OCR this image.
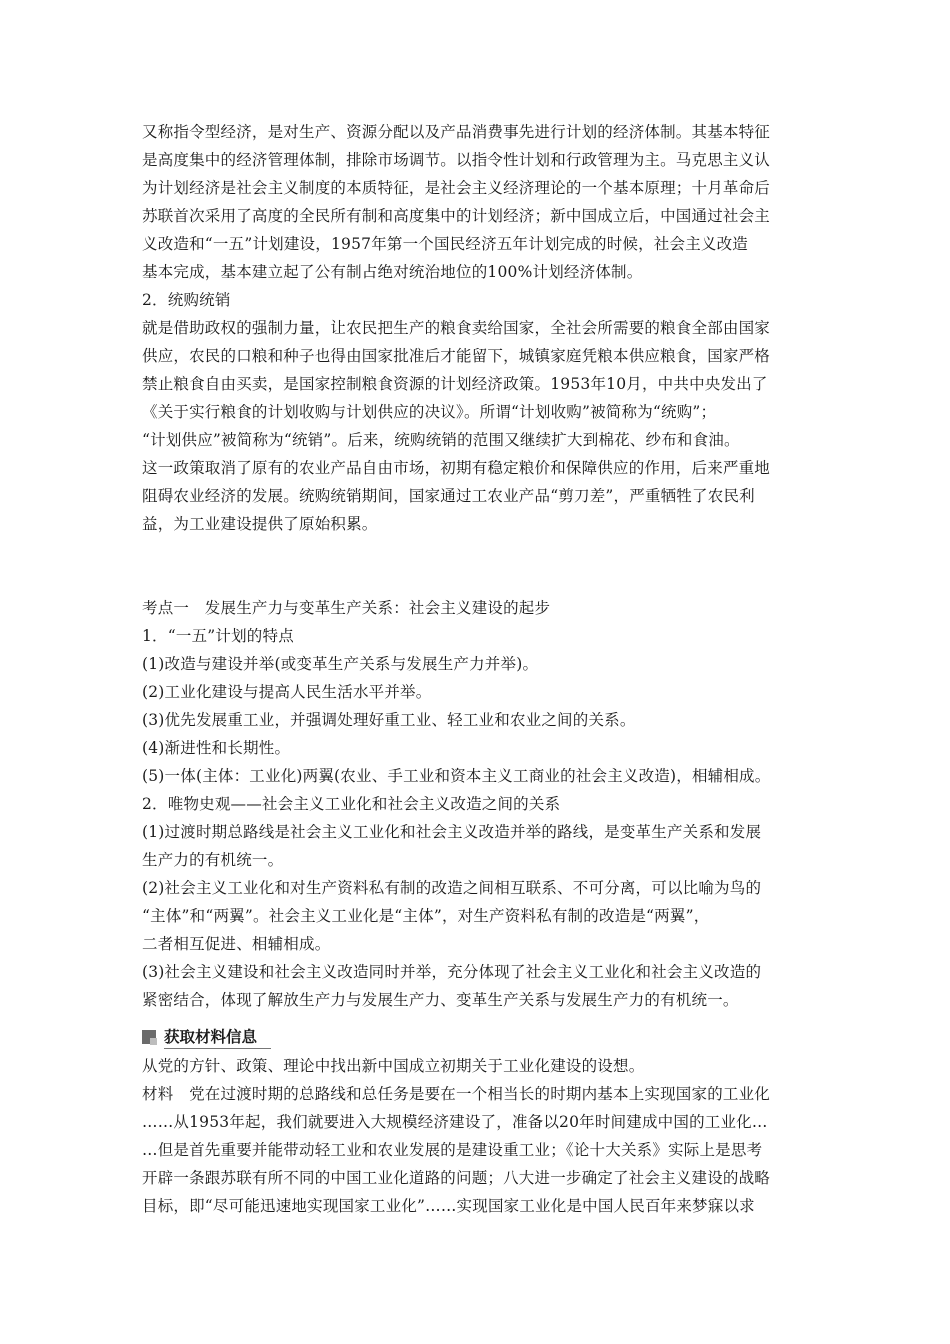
又称指令型经济，是对生产、资源分配以及产品消费事先进行计划的经济体制。其基本特征

是高度集中的经济管理体制，排除市场调节。以指令性计划和行政管理为主。马克思主义认

为计划经济是社会主义制度的本质特征，是社会主义经济理论的一个基本原理；十月革命后

苏联首次采用了高度的全民所有制和高度集中的计划经济；新中国成立后，中国通过社会主

义改造和“一五”计划建设，1957年第一个国民经济五年计划完成的时候，社会主义改造

基本完成，基本建立起了公有制占绝对统治地位的100%计划经济体制。

2．统购统销

就是借助政权的强制力量，让农民把生产的粮食卖给国家，全社会所需要的粮食全部由国家

供应，农民的口粮和种子也得由国家批准后才能留下，城镇家庭凭粮本供应粮食，国家严格

禁止粮食自由买卖，是国家控制粮食资源的计划经济政策。1953年10月，中共中央发出了

《关于实行粮食的计划收购与计划供应的决议》。所谓“计划收购”被简称为“统购”；

“计划供应”被简称为“统销”。后来，统购统销的范围又继续扩大到棉花、纱布和食油。

这一政策取消了原有的农业产品自由市场，初期有稳定粮价和保障供应的作用，后来严重地

阻碍农业经济的发展。统购统销期间，国家通过工农业产品“剪刀差”，严重牺牲了农民利

益，为工业建设提供了原始积累。

考点一　发展生产力与变革生产关系：社会主义建设的起步

1．“一五”计划的特点

(1)改造与建设并举(或变革生产关系与发展生产力并举)。

(2)工业化建设与提高人民生活水平并举。

(3)优先发展重工业，并强调处理好重工业、轻工业和农业之间的关系。

(4)渐进性和长期性。

(5)一体(主体：工业化)两翼(农业、手工业和资本主义工商业的社会主义改造)，相辅相成。

2．唯物史观——社会主义工业化和社会主义改造之间的关系

(1)过渡时期总路线是社会主义工业化和社会主义改造并举的路线，是变革生产关系和发展

生产力的有机统一。

(2)社会主义工业化和对生产资料私有制的改造之间相互联系、不可分离，可以比喻为鸟的

“主体”和“两翼”。社会主义工业化是“主体”，对生产资料私有制的改造是“两翼”，

二者相互促进、相辅相成。

(3)社会主义建设和社会主义改造同时并举，充分体现了社会主义工业化和社会主义改造的

紧密结合，体现了解放生产力与发展生产力、变革生产关系与发展生产力的有机统一。

获取材料信息

从党的方针、政策、理论中找出新中国成立初期关于工业化建设的设想。

材料　党在过渡时期的总路线和总任务是要在一个相当长的时期内基本上实现国家的工业化

……从1953年起，我们就要进入大规模经济建设了，准备以20年时间建成中国的工业化…

…但是首先重要并能带动轻工业和农业发展的是建设重工业；《论十大关系》实际上是思考

开辟一条跟苏联有所不同的中国工业化道路的问题；八大进一步确定了社会主义建设的战略

目标，即“尽可能迅速地实现国家工业化”……实现国家工业化是中国人民百年来梦寐以求
